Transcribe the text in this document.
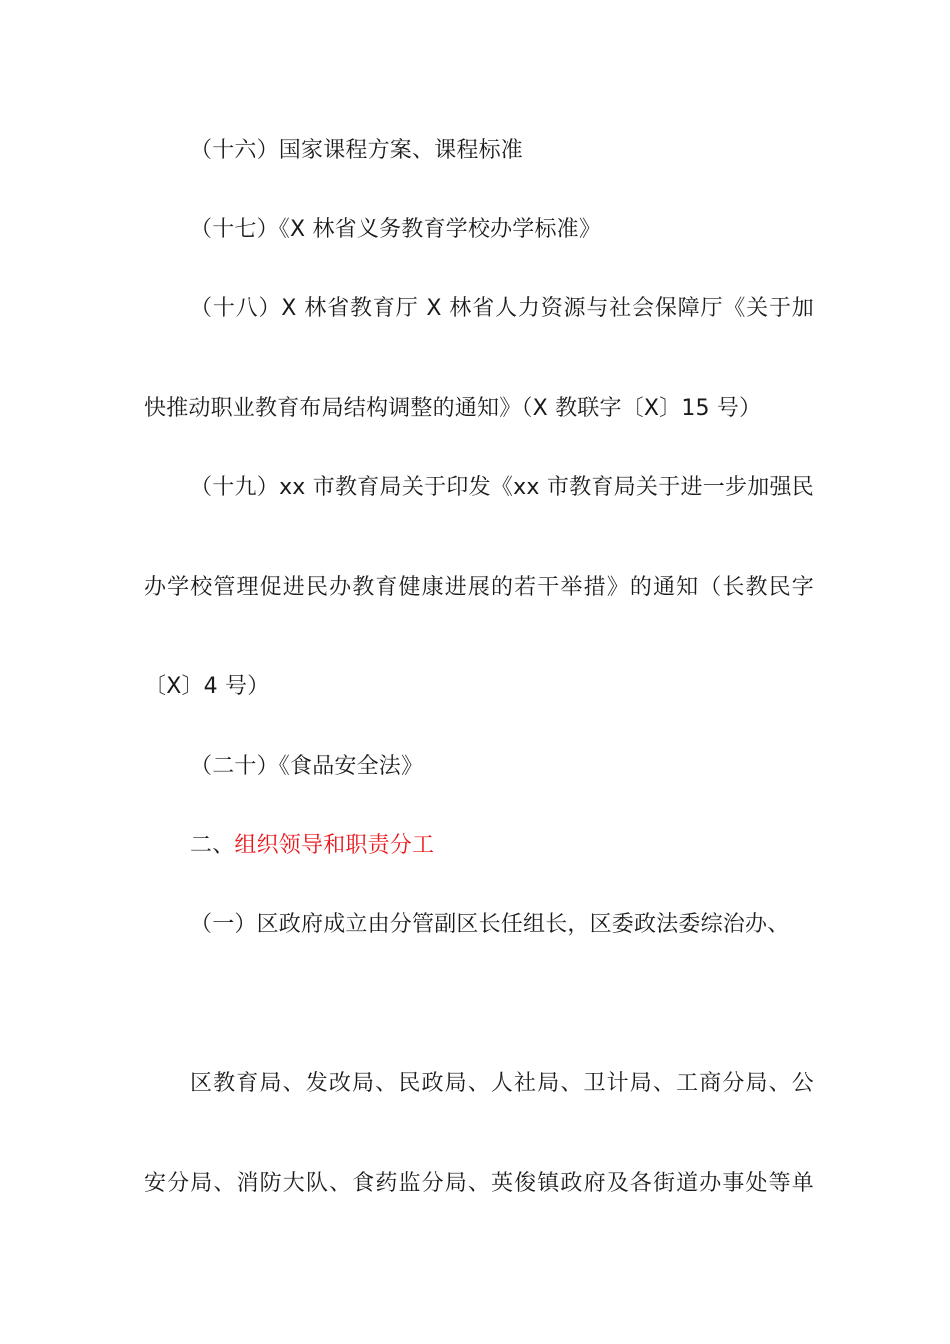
（十六）国家课程方案、课程标准
（十七）《X 林省义务教育学校办学标准》
（十八）X 林省教育厅 X 林省人力资源与社会保障厅《关于加
快推动职业教育布局结构调整的通知》（X 教联字〔X〕15 号）
（十九）xx 市教育局关于印发《xx 市教育局关于进一步加强民
办学校管理促进民办教育健康进展的若干举措》的通知（长教民字
〔X〕4 号）
（二十）《食品安全法》
二、组织领导和职责分工
（一）区政府成立由分管副区长任组长，区委政法委综治办、
区教育局、发改局、民政局、人社局、卫计局、工商分局、公
安分局、消防大队、食药监分局、英俊镇政府及各街道办事处等单
